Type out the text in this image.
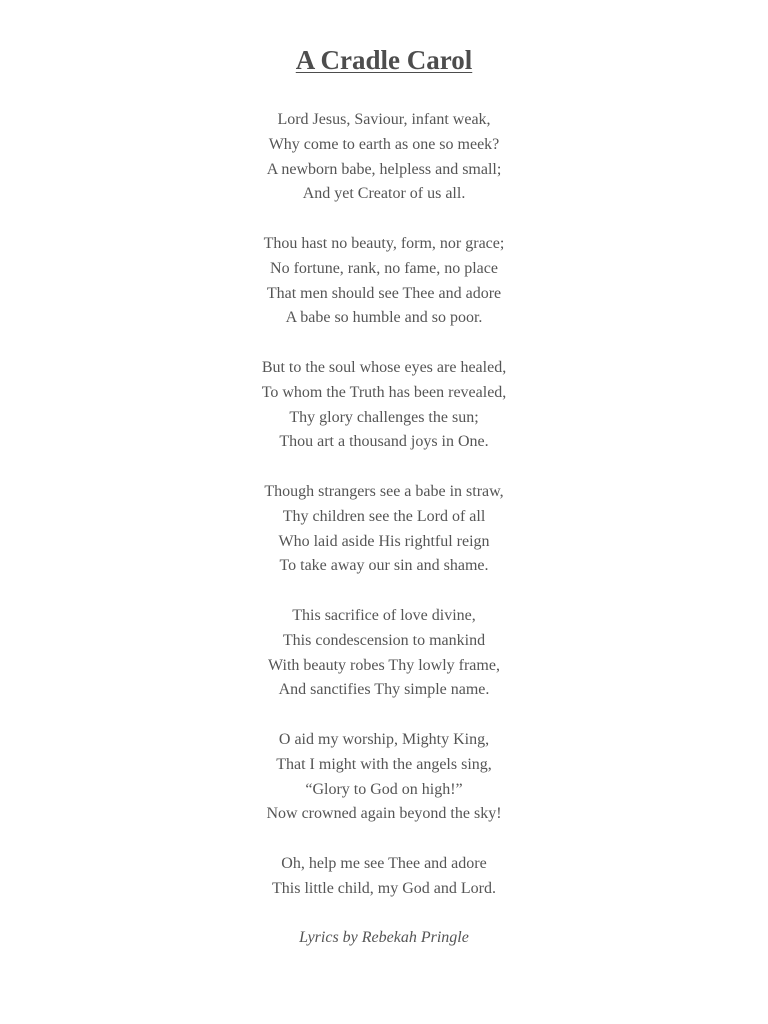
A Cradle Carol
Lord Jesus, Saviour, infant weak,
Why come to earth as one so meek?
A newborn babe, helpless and small;
And yet Creator of us all.
Thou hast no beauty, form, nor grace;
No fortune, rank, no fame, no place
That men should see Thee and adore
A babe so humble and so poor.
But to the soul whose eyes are healed,
To whom the Truth has been revealed,
Thy glory challenges the sun;
Thou art a thousand joys in One.
Though strangers see a babe in straw,
Thy children see the Lord of all
Who laid aside His rightful reign
To take away our sin and shame.
This sacrifice of love divine,
This condescension to mankind
With beauty robes Thy lowly frame,
And sanctifies Thy simple name.
O aid my worship, Mighty King,
That I might with the angels sing,
“Glory to God on high!”
Now crowned again beyond the sky!
Oh, help me see Thee and adore
This little child, my God and Lord.

Lyrics by Rebekah Pringle
